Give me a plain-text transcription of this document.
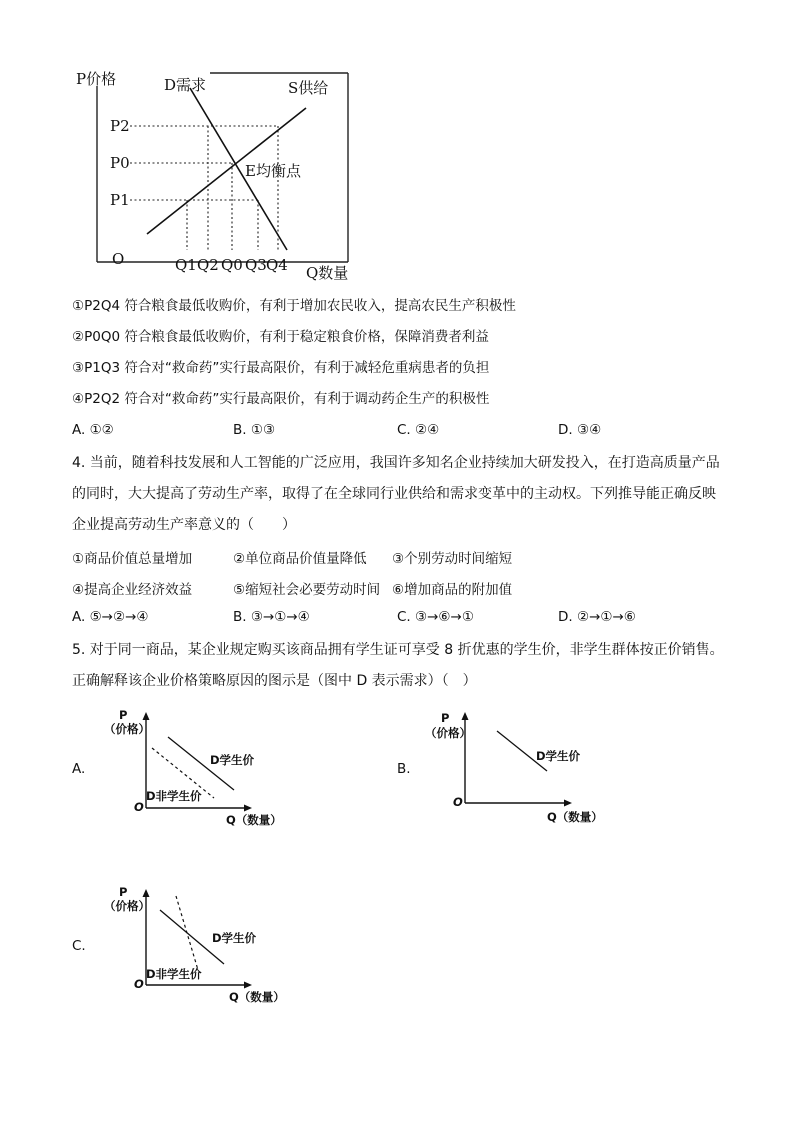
P价格	D需求	S供给
E均衡点
P2
P0
P1
O	Q1 Q2 Q0 Q3 Q4 Q数量
①P2Q4 符合粮食最低收购价，有利于增加农民收入，提高农民生产积极性
②P0Q0 符合粮食最低收购价，有利于稳定粮食价格，保障消费者利益
③P1Q3 符合对“救命药”实行最高限价，有利于减轻危重病患者的负担
④P2Q2 符合对“救命药”实行最高限价，有利于调动药企生产的积极性
A. ①②	B. ①③	C. ②④	D. ③④
4. 当前，随着科技发展和人工智能的广泛应用，我国许多知名企业持续加大研发投入，在打造高质量产品
的同时，大大提高了劳动生产率，取得了在全球同行业供给和需求变革中的主动权。下列推导能正确反映
企业提高劳动生产率意义的（　　）
①商品价值总量增加	②单位商品价值量降低 ③个别劳动时间缩短
④提高企业经济效益	⑤缩短社会必要劳动时间 ⑥增加商品的附加值
A. ⑤→②→④	B. ③→①→④	C. ③→⑥→①	D. ②→①→⑥
5. 对于同一商品，某企业规定购买该商品拥有学生证可享受 8 折优惠的学生价，非学生群体按正价销售。
正确解释该企业价格策略原因的图示是（图中 D 表示需求）（　）
A.
P
（价格）
D学生价
D非学生价
O
Q（数量）
B.
P
（价格）
D学生价
O
Q（数量）
C.
P
（价格）
D学生价
D非学生价
O
Q（数量）
